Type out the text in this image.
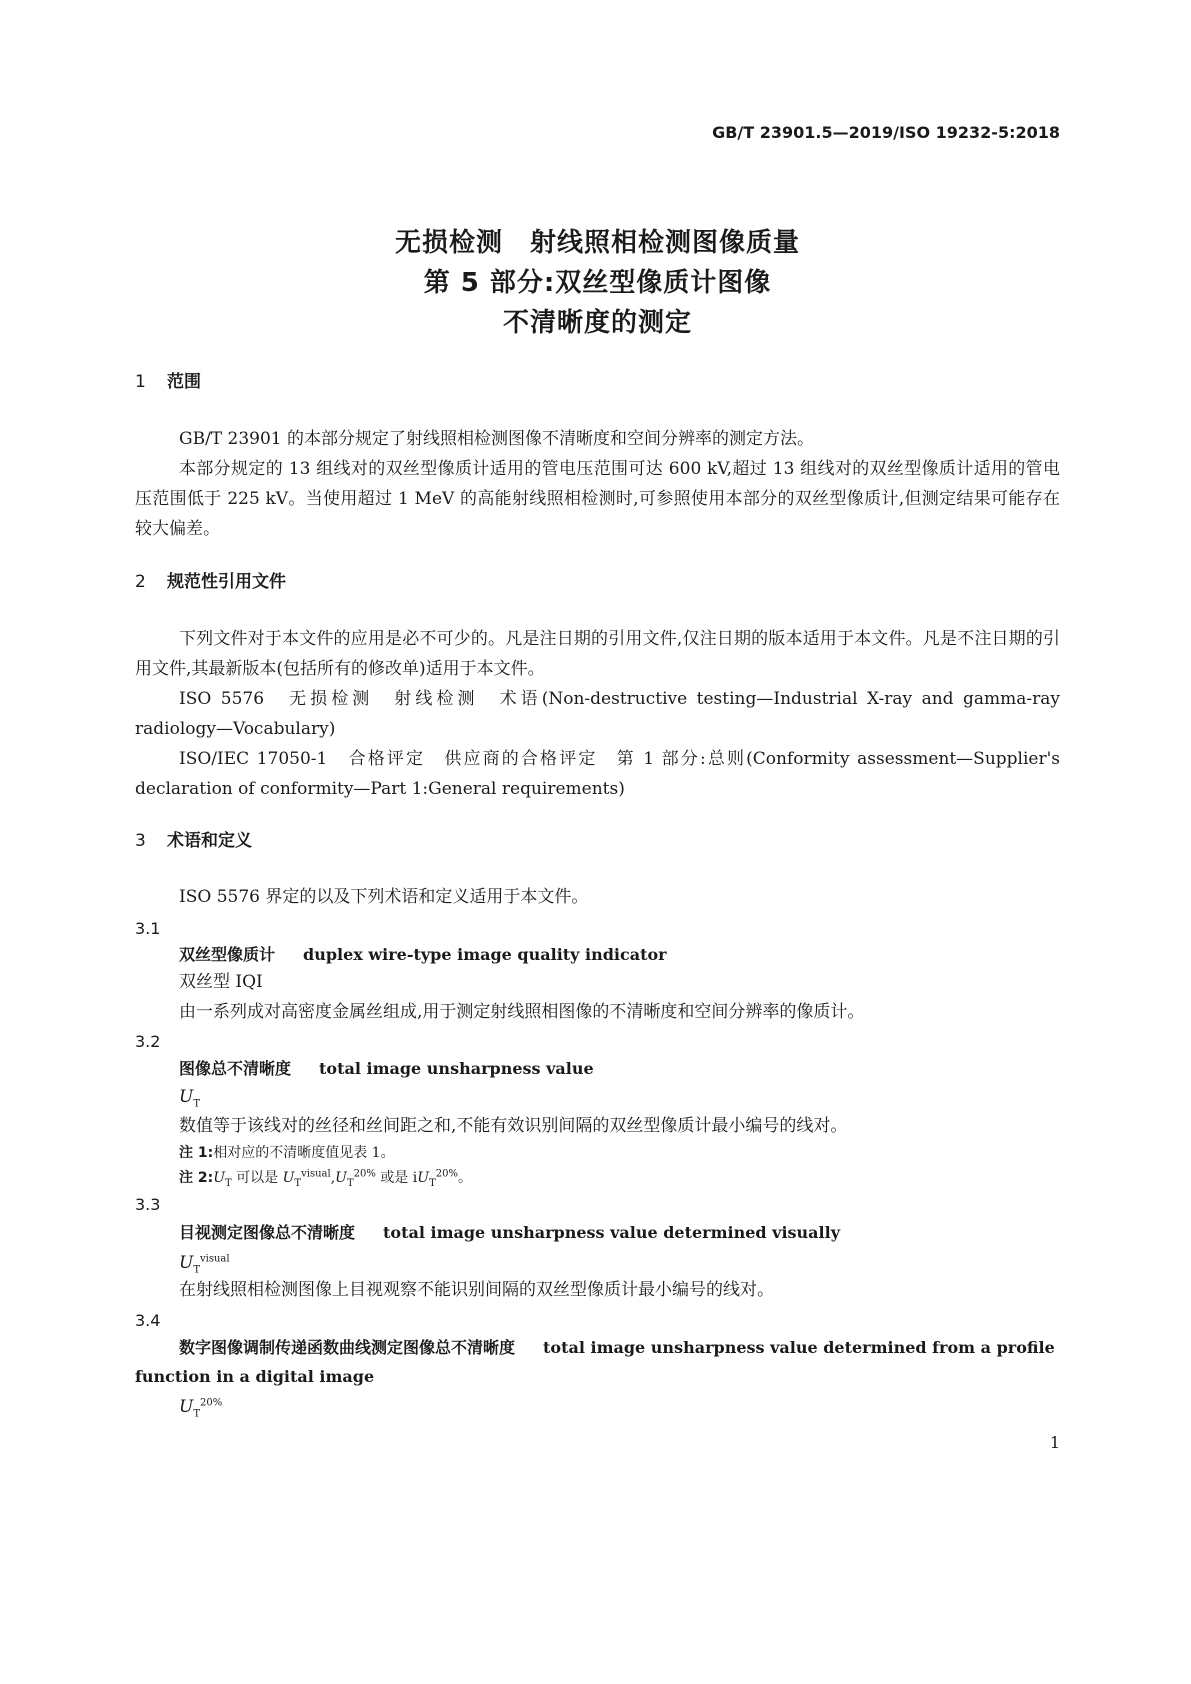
GB/T 23901.5—2019/ISO 19232-5:2018
无损检测　射线照相检测图像质量
第 5 部分:双丝型像质计图像
不清晰度的测定
1 范围

GB/T 23901 的本部分规定了射线照相检测图像不清晰度和空间分辨率的测定方法。

本部分规定的 13 组线对的双丝型像质计适用的管电压范围可达 600 kV,超过 13 组线对的双丝型像质计适用的管电压范围低于 225 kV。当使用超过 1 MeV 的高能射线照相检测时,可参照使用本部分的双丝型像质计,但测定结果可能存在较大偏差。

2 规范性引用文件

下列文件对于本文件的应用是必不可少的。凡是注日期的引用文件,仅注日期的版本适用于本文件。凡是不注日期的引用文件,其最新版本(包括所有的修改单)适用于本文件。

ISO 5576　无损检测　射线检测　术语(Non-destructive testing—Industrial X-ray and gamma-ray radiology—Vocabulary)

ISO/IEC 17050-1　合格评定　供应商的合格评定　第 1 部分:总则(Conformity assessment—Supplier's declaration of conformity—Part 1:General requirements)

3 术语和定义

ISO 5576 界定的以及下列术语和定义适用于本文件。

3.1
双丝型像质计 duplex wire-type image quality indicator
双丝型 IQI
由一系列成对高密度金属丝组成,用于测定射线照相图像的不清晰度和空间分辨率的像质计。
3.2
图像总不清晰度 total image unsharpness value
$U_T$
数值等于该线对的丝径和丝间距之和,不能有效识别间隔的双丝型像质计最小编号的线对。
注 1:相对应的不清晰度值见表 1。
注 $2:U_T$ 可以是 $U_T^{visual},U_T^{20\%}$ 或是 $iU_T^{20\%}$。
3.3
目视测定图像总不清晰度 total image unsharpness value determined visually
$U_T^{visual}$
在射线照相检测图像上目视观察不能识别间隔的双丝型像质计最小编号的线对。
3.4
数字图像调制传递函数曲线测定图像总不清晰度 total image unsharpness value determined from a profile function in a digital image
$U_T^{20\%}$
1
